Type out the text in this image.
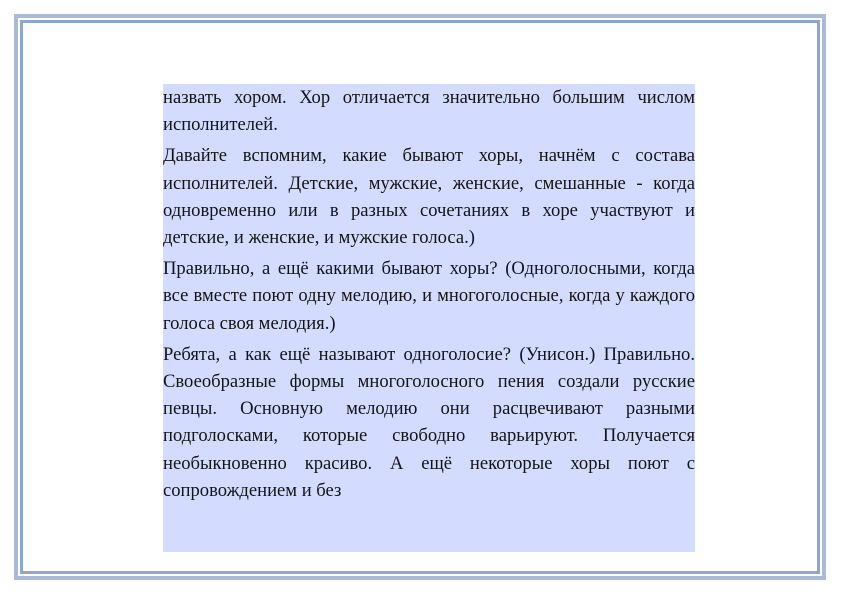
назвать хором. Хор отличается значительно большим числом исполнителей.

Давайте вспомним, какие бывают хоры, начнём с состава исполнителей. Детские, мужские, женские, смешанные - когда одновременно или в разных сочетаниях в хоре участвуют и детские, и женские, и мужские голоса.)

Правильно, а ещё какими бывают хоры? (Одноголосными, когда все вместе поют одну мелодию, и многоголосные, когда у каждого голоса своя мелодия.)

Ребята, а как ещё называют одноголосие? (Унисон.) Правильно. Своеобразные формы многоголосного пения создали русские певцы. Основную мелодию они расцвечивают разными подголосками, которые свободно варьируют. Получается необыкновенно красиво. А ещё некоторые хоры поют с сопровождением и без
